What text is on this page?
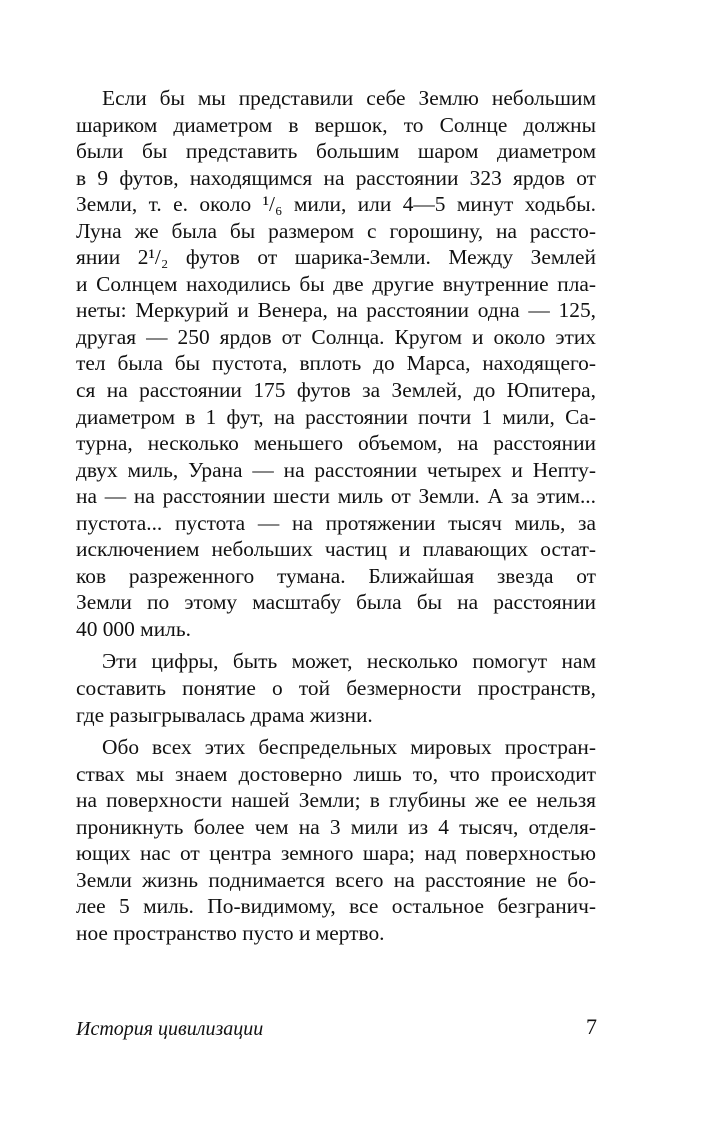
Если бы мы представили себе Землю небольшим
шариком диаметром в вершок, то Солнце должны
были бы представить большим шаром диаметром
в 9 футов, находящимся на расстоянии 323 ярдов от
Земли, т. е. около ¹/₆ мили, или 4—5 минут ходьбы.
Луна же была бы размером с горошину, на рассто-
янии 2¹/₂ футов от шарика-Земли. Между Землей
и Солнцем находились бы две другие внутренние пла-
неты: Меркурий и Венера, на расстоянии одна — 125,
другая — 250 ярдов от Солнца. Кругом и около этих
тел была бы пустота, вплоть до Марса, находящего-
ся на расстоянии 175 футов за Землей, до Юпитера,
диаметром в 1 фут, на расстоянии почти 1 мили, Са-
турна, несколько меньшего объемом, на расстоянии
двух миль, Урана — на расстоянии четырех и Непту-
на — на расстоянии шести миль от Земли. А за этим...
пустота... пустота — на протяжении тысяч миль, за
исключением небольших частиц и плавающих остат-
ков разреженного тумана. Ближайшая звезда от
Земли по этому масштабу была бы на расстоянии
40 000 миль.
Эти цифры, быть может, несколько помогут нам
составить понятие о той безмерности пространств,
где разыгрывалась драма жизни.
Обо всех этих беспредельных мировых простран-
ствах мы знаем достоверно лишь то, что происходит
на поверхности нашей Земли; в глубины же ее нельзя
проникнуть более чем на 3 мили из 4 тысяч, отделя-
ющих нас от центра земного шара; над поверхностью
Земли жизнь поднимается всего на расстояние не бо-
лее 5 миль. По-видимому, все остальное безгранич-
ное пространство пусто и мертво.
История цивилизации	7
